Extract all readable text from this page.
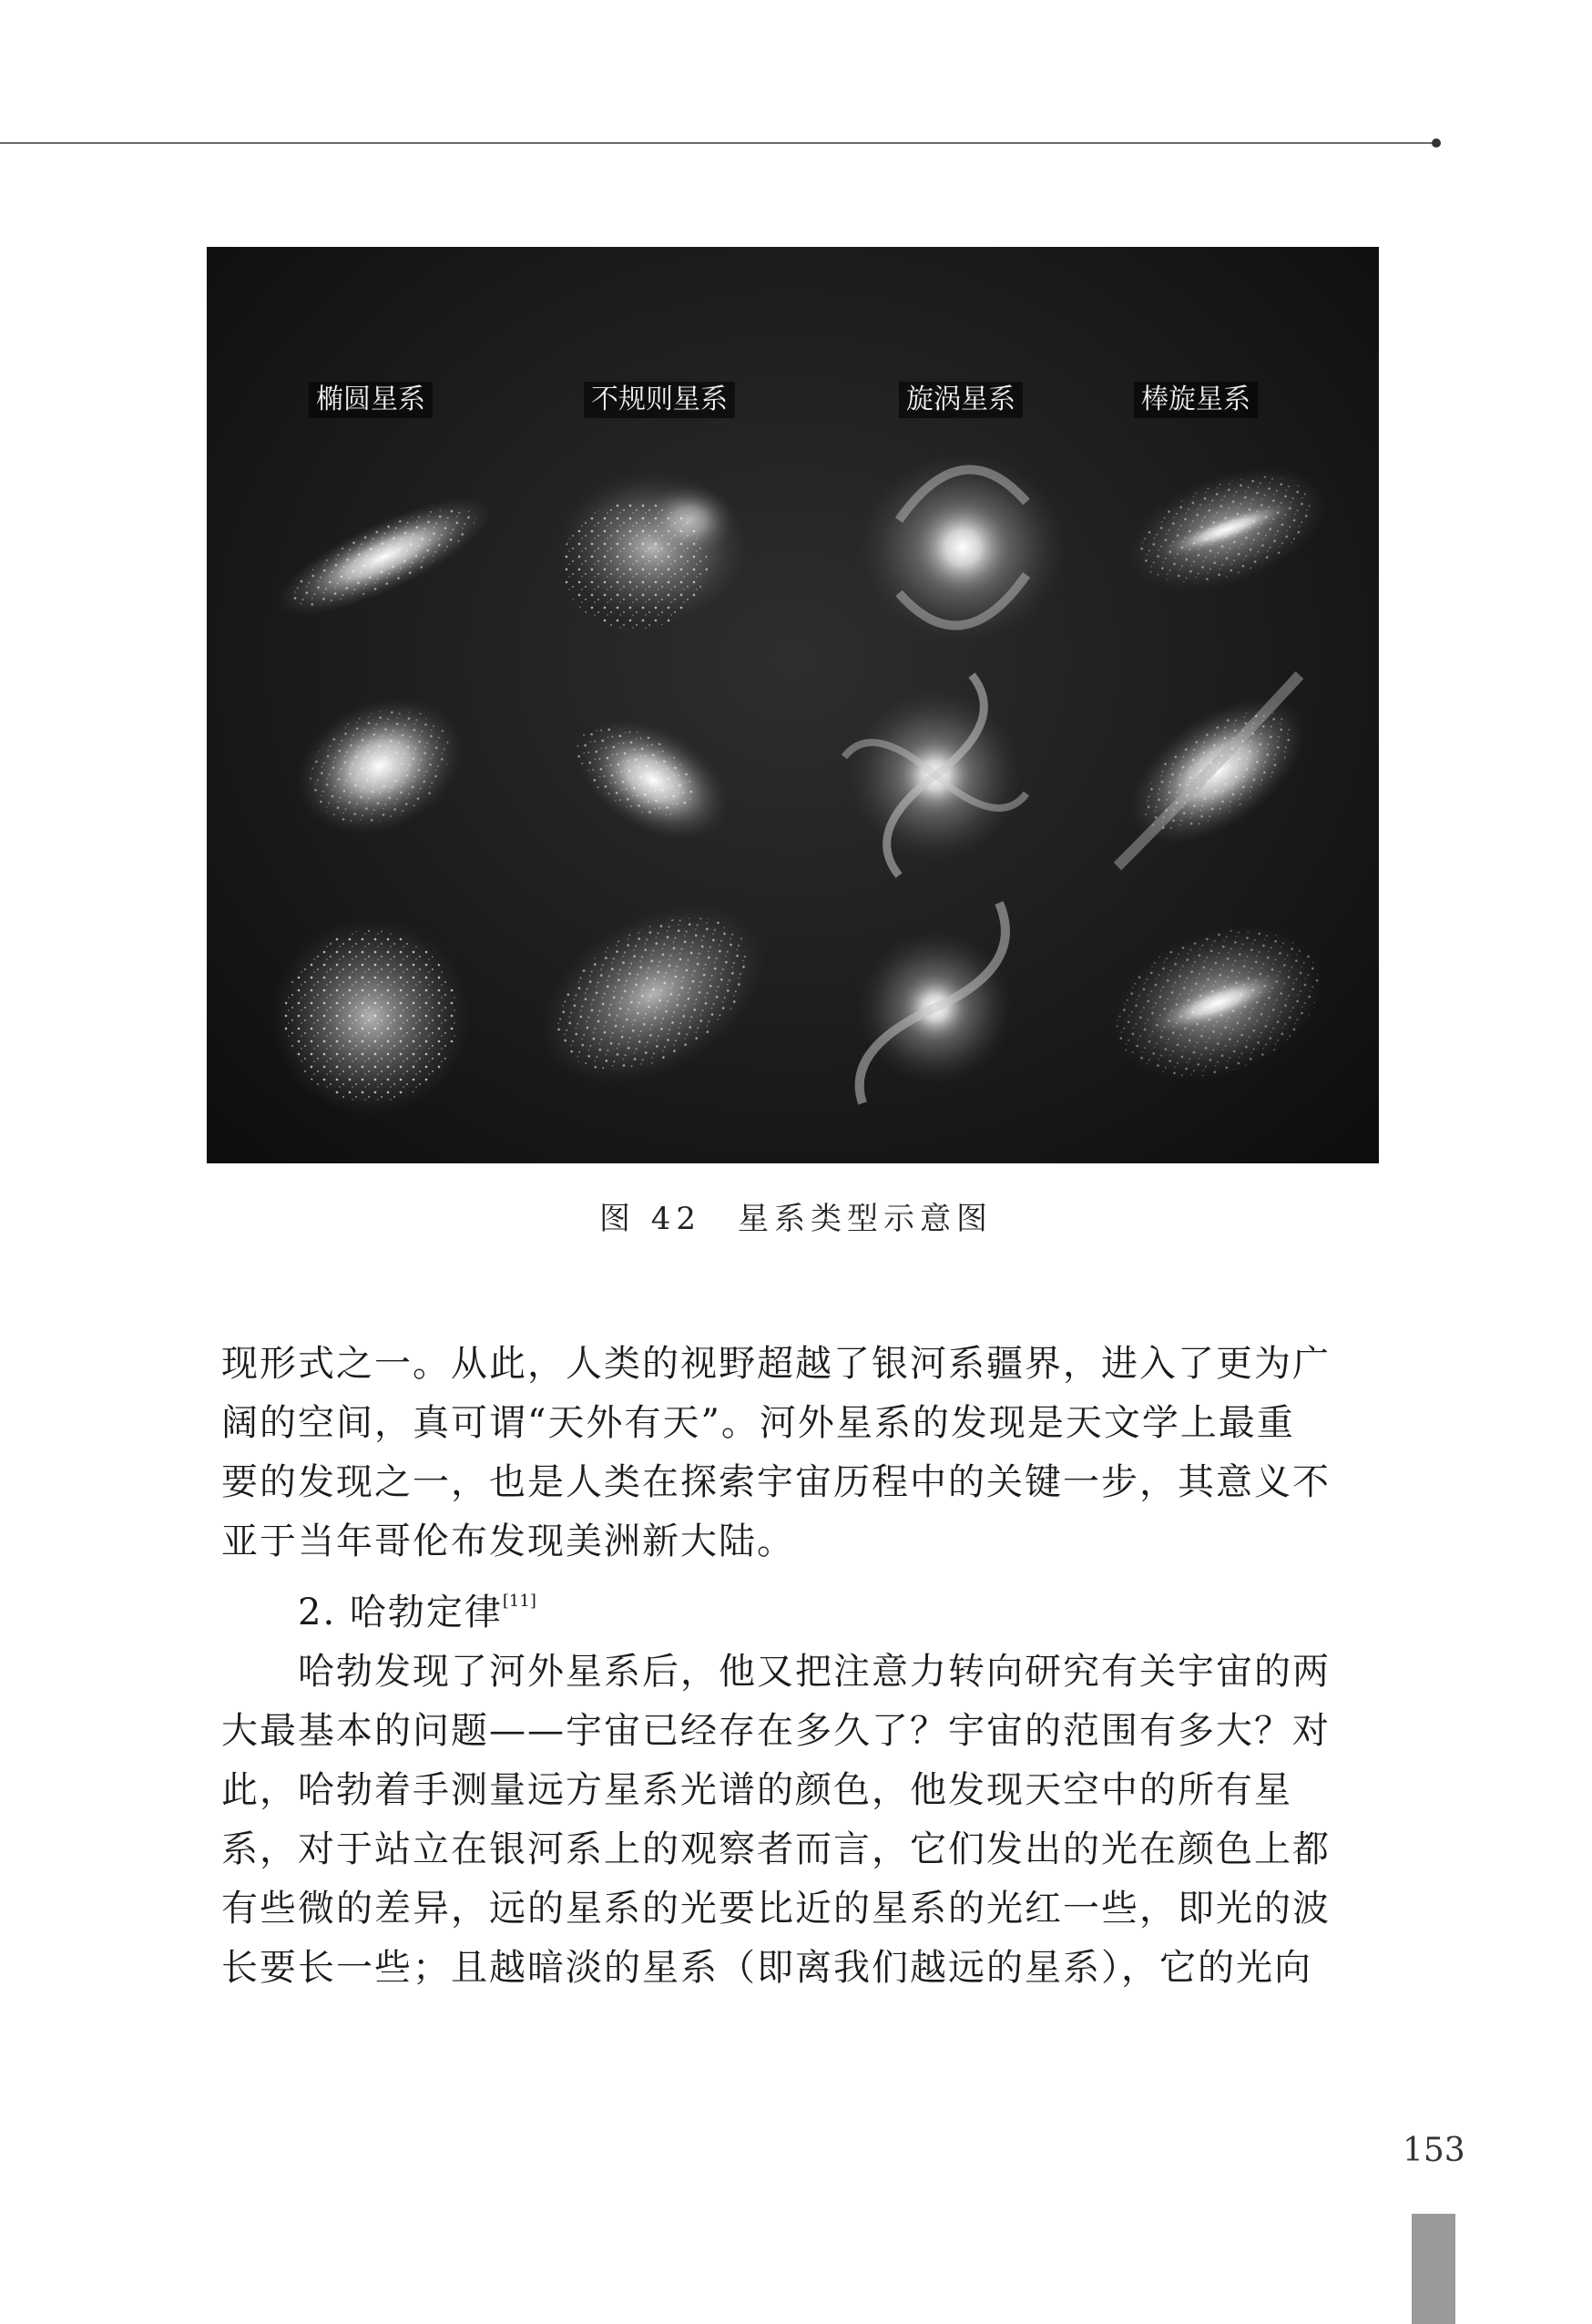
椭圆星系	不规则星系	旋涡星系	棒旋星系
图 42　星系类型示意图

现形式之一。从此，人类的视野超越了银河系疆界，进入了更为广
阔的空间，真可谓“天外有天”。河外星系的发现是天文学上最重
要的发现之一，也是人类在探索宇宙历程中的关键一步，其意义不
亚于当年哥伦布发现美洲新大陆。

2. 哈勃定律[11]

哈勃发现了河外星系后，他又把注意力转向研究有关宇宙的两
大最基本的问题——宇宙已经存在多久了？宇宙的范围有多大？对
此，哈勃着手测量远方星系光谱的颜色，他发现天空中的所有星
系，对于站立在银河系上的观察者而言，它们发出的光在颜色上都
有些微的差异，远的星系的光要比近的星系的光红一些，即光的波
长要长一些；且越暗淡的星系（即离我们越远的星系），它的光向

153
